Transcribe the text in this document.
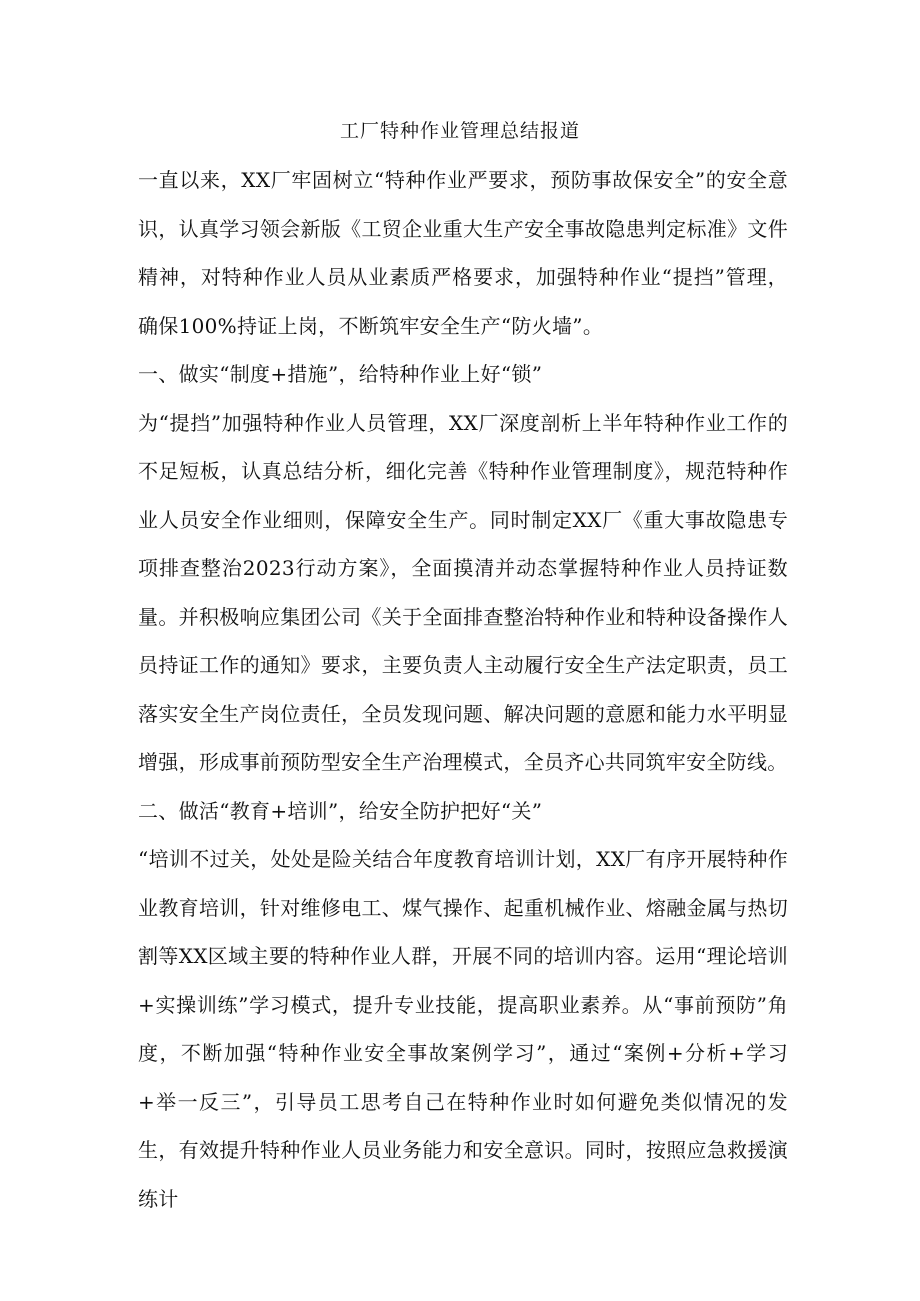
工厂特种作业管理总结报道

一直以来，XX厂牢固树立“特种作业严要求，预防事故保安全”的安全意识，认真学习领会新版《工贸企业重大生产安全事故隐患判定标准》文件精神，对特种作业人员从业素质严格要求，加强特种作业“提挡”管理，确保100%持证上岗，不断筑牢安全生产“防火墙”。

一、做实“制度+措施”，给特种作业上好“锁”

为“提挡”加强特种作业人员管理，XX厂深度剖析上半年特种作业工作的不足短板，认真总结分析，细化完善《特种作业管理制度》，规范特种作业人员安全作业细则，保障安全生产。同时制定XX厂《重大事故隐患专项排查整治2023行动方案》，全面摸清并动态掌握特种作业人员持证数量。并积极响应集团公司《关于全面排查整治特种作业和特种设备操作人员持证工作的通知》要求，主要负责人主动履行安全生产法定职责，员工落实安全生产岗位责任，全员发现问题、解决问题的意愿和能力水平明显增强，形成事前预防型安全生产治理模式，全员齐心共同筑牢安全防线。

二、做活“教育+培训”，给安全防护把好“关”

“培训不过关，处处是险关结合年度教育培训计划，XX厂有序开展特种作业教育培训，针对维修电工、煤气操作、起重机械作业、熔融金属与热切割等XX区域主要的特种作业人群，开展不同的培训内容。运用“理论培训+实操训练”学习模式，提升专业技能，提高职业素养。从“事前预防”角度，不断加强“特种作业安全事故案例学习”，通过“案例+分析+学习+举一反三”，引导员工思考自己在特种作业时如何避免类似情况的发生，有效提升特种作业人员业务能力和安全意识。同时，按照应急救援演练计
